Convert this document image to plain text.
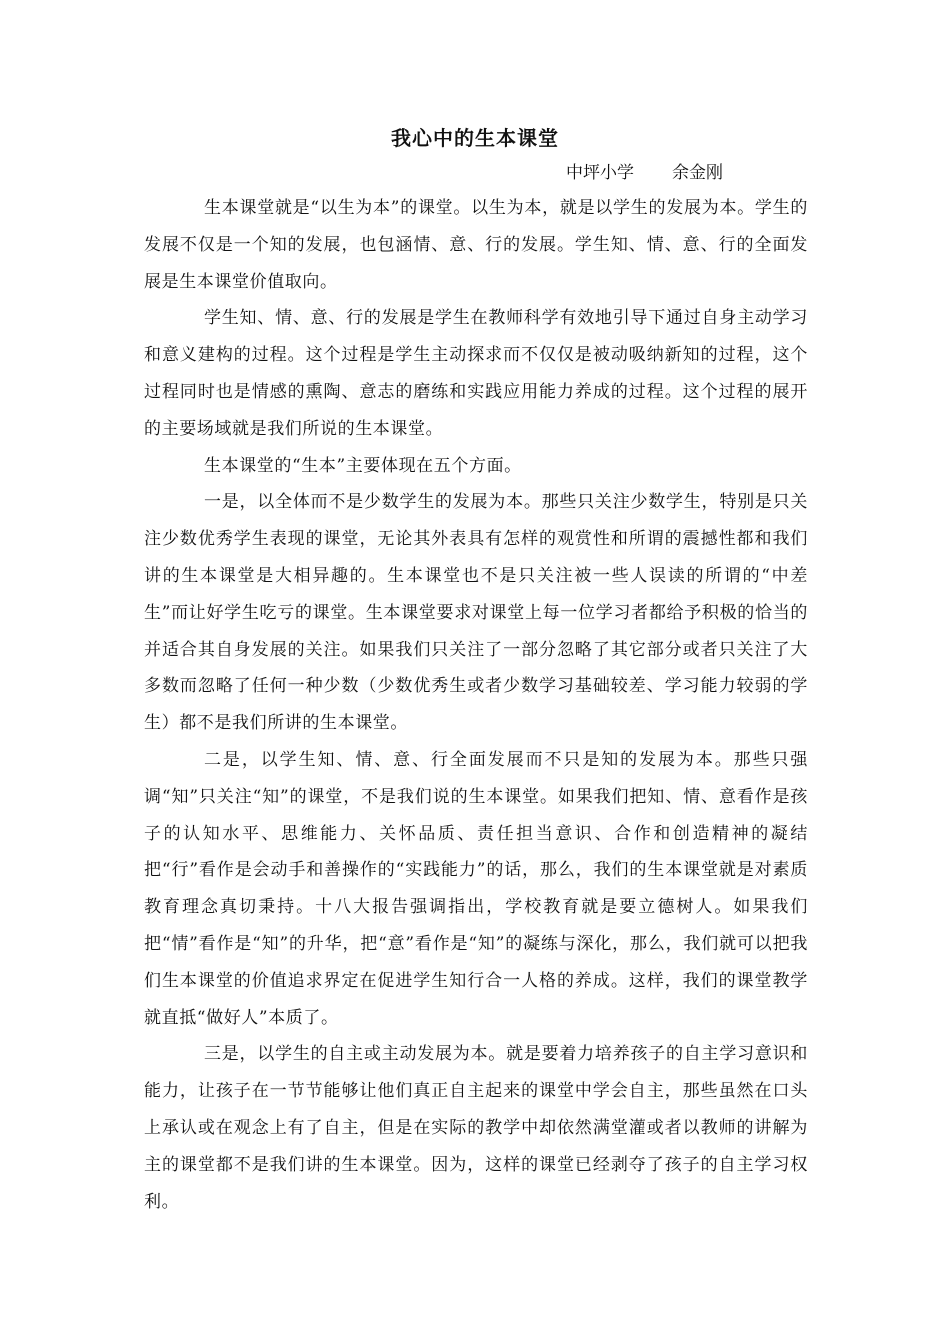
我心中的生本课堂
中坪小学 余金刚

生本课堂就是“以生为本”的课堂。以生为本，就是以学生的发展为本。学生的发展不仅是一个知的发展，也包涵情、意、行的发展。学生知、情、意、行的全面发展是生本课堂价值取向。

学生知、情、意、行的发展是学生在教师科学有效地引导下通过自身主动学习和意义建构的过程。这个过程是学生主动探求而不仅仅是被动吸纳新知的过程，这个过程同时也是情感的熏陶、意志的磨练和实践应用能力养成的过程。这个过程的展开的主要场域就是我们所说的生本课堂。

生本课堂的“生本”主要体现在五个方面。

一是，以全体而不是少数学生的发展为本。那些只关注少数学生，特别是只关注少数优秀学生表现的课堂，无论其外表具有怎样的观赏性和所谓的震撼性都和我们讲的生本课堂是大相异趣的。生本课堂也不是只关注被一些人误读的所谓的“中差生”而让好学生吃亏的课堂。生本课堂要求对课堂上每一位学习者都给予积极的恰当的并适合其自身发展的关注。如果我们只关注了一部分忽略了其它部分或者只关注了大多数而忽略了任何一种少数（少数优秀生或者少数学习基础较差、学习能力较弱的学生）都不是我们所讲的生本课堂。

二是，以学生知、情、意、行全面发展而不只是知的发展为本。那些只强调“知”只关注“知”的课堂，不是我们说的生本课堂。如果我们把知、情、意看作是孩子的认知水平、思维能力、关怀品质、责任担当意识、合作和创造精神的凝结把“行”看作是会动手和善操作的“实践能力”的话，那么，我们的生本课堂就是对素质教育理念真切秉持。十八大报告强调指出，学校教育就是要立德树人。如果我们把“情”看作是“知”的升华，把“意”看作是“知”的凝练与深化，那么，我们就可以把我们生本课堂的价值追求界定在促进学生知行合一人格的养成。这样，我们的课堂教学就直抵“做好人”本质了。

三是，以学生的自主或主动发展为本。就是要着力培养孩子的自主学习意识和能力，让孩子在一节节能够让他们真正自主起来的课堂中学会自主，那些虽然在口头上承认或在观念上有了自主，但是在实际的教学中却依然满堂灌或者以教师的讲解为主的课堂都不是我们讲的生本课堂。因为，这样的课堂已经剥夺了孩子的自主学习权利。
